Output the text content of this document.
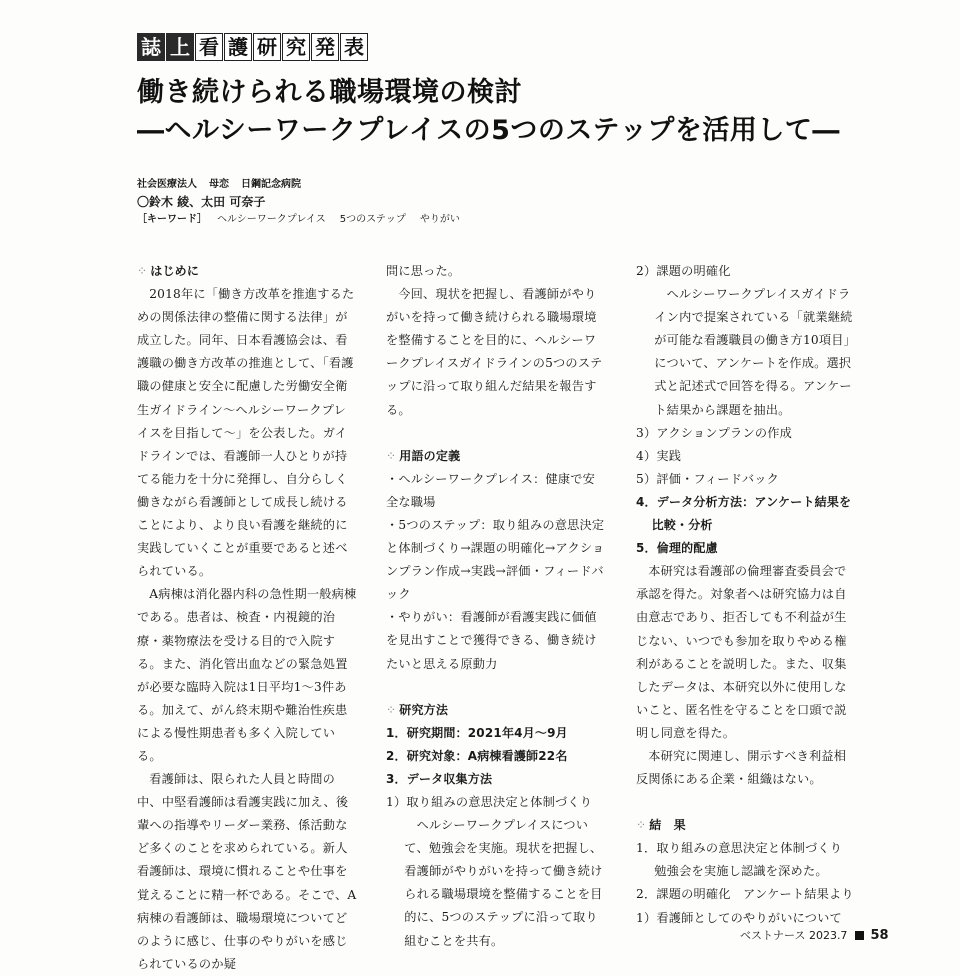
誌 上 看 護 研 究 発 表
働き続けられる職場環境の検討
―ヘルシーワークプレイスの5つのステップを活用して―
社会医療法人 母恋 日鋼記念病院
〇鈴木 綾、太田 可奈子
［キーワード］ ヘルシーワークプレイス 5つのステップ やりがい

⁘ はじめに

2018年に「働き方改革を推進するための関係法律の整備に関する法律」が成立した。同年、日本看護協会は、看護職の働き方改革の推進として、「看護職の健康と安全に配慮した労働安全衛生ガイドライン～ヘルシーワークプレイスを目指して～」を公表した。ガイドラインでは、看護師一人ひとりが持てる能力を十分に発揮し、自分らしく働きながら看護師として成長し続けることにより、より良い看護を継続的に実践していくことが重要であると述べられている。

A病棟は消化器内科の急性期一般病棟である。患者は、検査・内視鏡的治療・薬物療法を受ける目的で入院する。また、消化管出血などの緊急処置が必要な臨時入院は1日平均1～3件ある。加えて、がん終末期や難治性疾患による慢性期患者も多く入院している。

看護師は、限られた人員と時間の中、中堅看護師は看護実践に加え、後輩への指導やリーダー業務、係活動など多くのことを求められている。新人看護師は、環境に慣れることや仕事を覚えることに精一杯である。そこで、A病棟の看護師は、職場環境についてどのように感じ、仕事のやりがいを感じられているのか疑

問に思った。

今回、現状を把握し、看護師がやりがいを持って働き続けられる職場環境を整備することを目的に、ヘルシーワークプレイスガイドラインの5つのステップに沿って取り組んだ結果を報告する。

⁘ 用語の定義

・ヘルシーワークプレイス：健康で安全な職場

・5つのステップ：取り組みの意思決定と体制づくり→課題の明確化→アクションプラン作成→実践→評価・フィードバック

・やりがい：看護師が看護実践に価値を見出すことで獲得できる、働き続けたいと思える原動力

⁘ 研究方法

1．研究期間：2021年4月～9月

2．研究対象：A病棟看護師22名

3．データ収集方法

1）取り組みの意思決定と体制づくり

ヘルシーワークプレイスについて、勉強会を実施。現状を把握し、看護師がやりがいを持って働き続けられる職場環境を整備することを目的に、5つのステップに沿って取り組むことを共有。

2）課題の明確化

ヘルシーワークプレイスガイドライン内で提案されている「就業継続が可能な看護職員の働き方10項目」について、アンケートを作成。選択式と記述式で回答を得る。アンケート結果から課題を抽出。

3）アクションプランの作成

4）実践

5）評価・フィードバック

4．データ分析方法：アンケート結果を比較・分析

5．倫理的配慮

本研究は看護部の倫理審査委員会で承認を得た。対象者へは研究協力は自由意志であり、拒否しても不利益が生じない、いつでも参加を取りやめる権利があることを説明した。また、収集したデータは、本研究以外に使用しないこと、匿名性を守ることを口頭で説明し同意を得た。

本研究に関連し、開示すべき利益相反関係にある企業・組織はない。

⁘ 結　果

1．取り組みの意思決定と体制づくり

勉強会を実施し認識を深めた。

2．課題の明確化　アンケート結果より

1）看護師としてのやりがいについて

ベストナース 2023.7 58
